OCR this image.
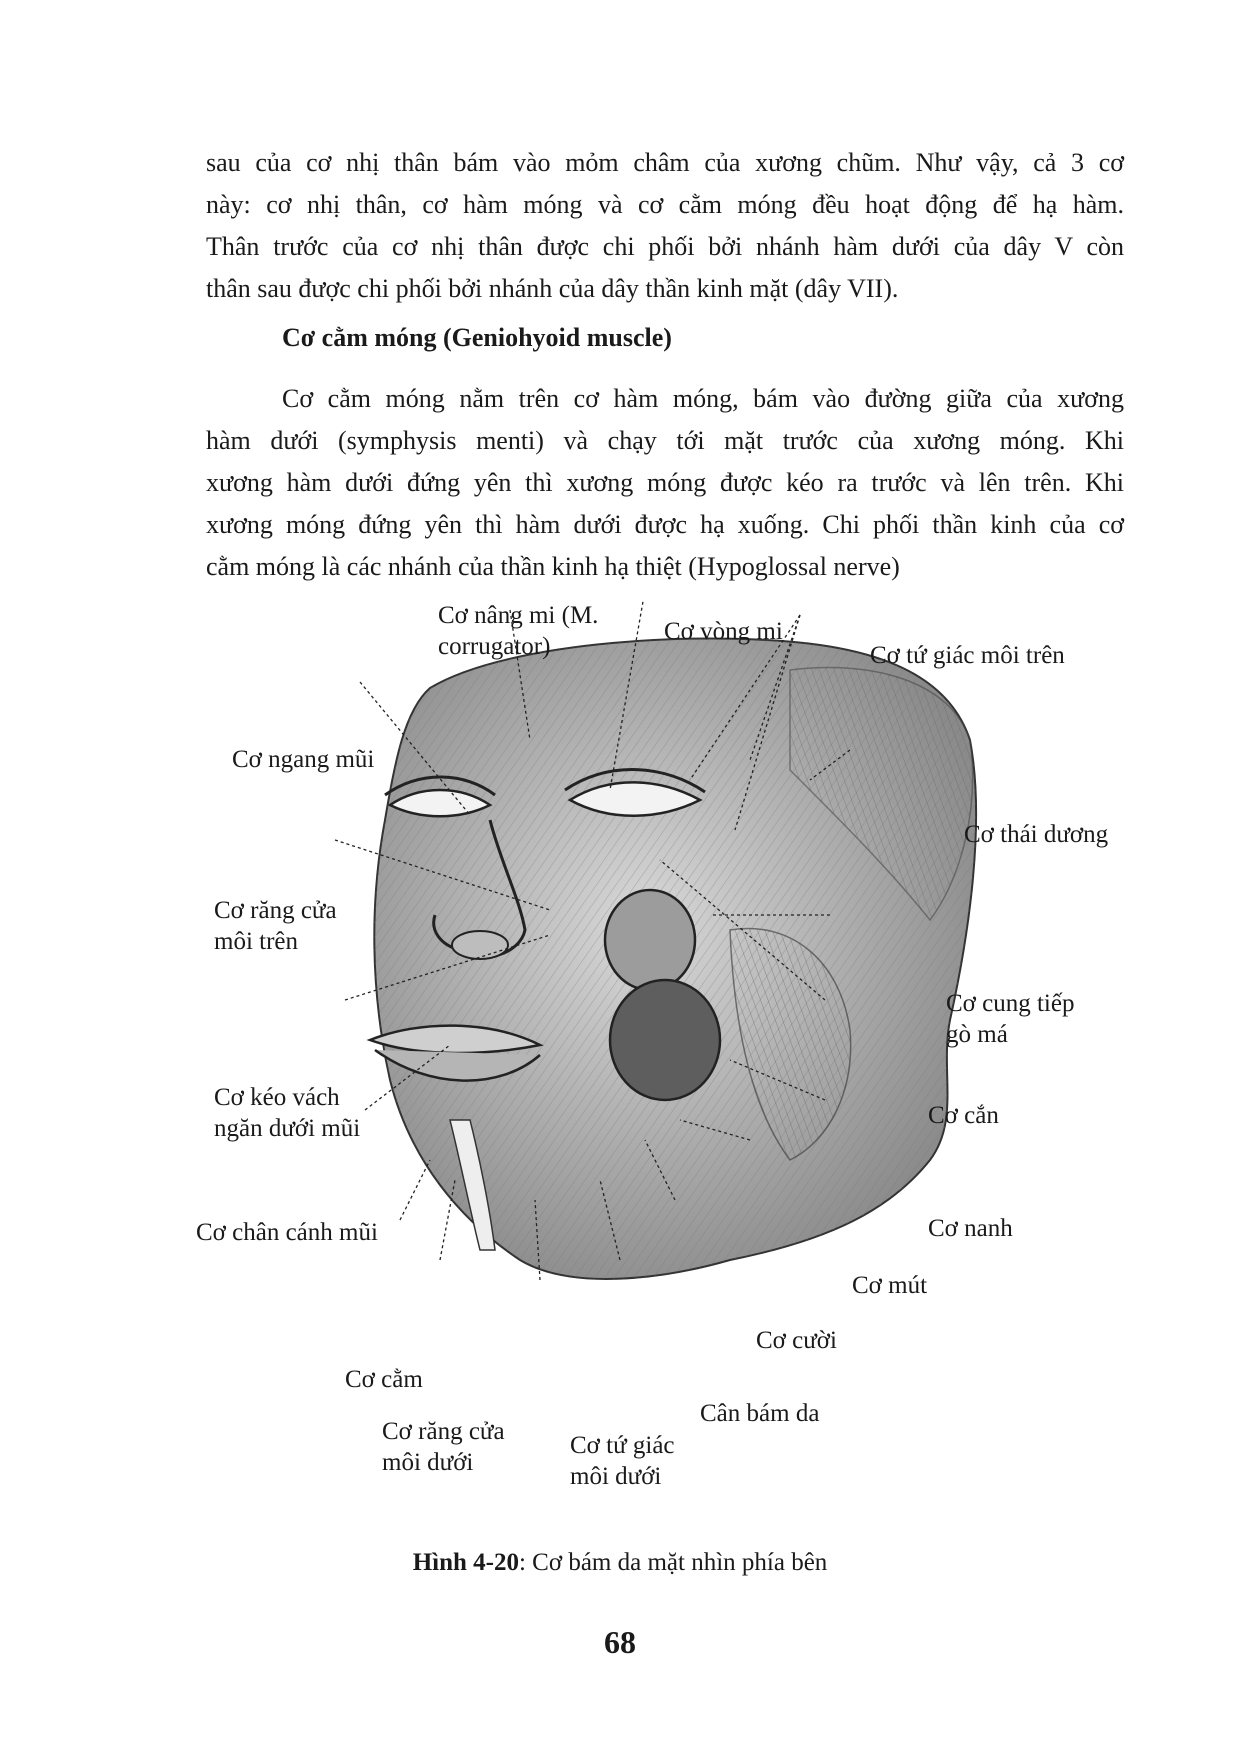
sau của cơ nhị thân bám vào mỏm châm của xương chũm. Như vậy, cả 3 cơ
này: cơ nhị thân, cơ hàm móng và cơ cằm móng đều hoạt động để hạ hàm.
Thân trước của cơ nhị thân được chi phối bởi nhánh hàm dưới của dây V còn
thân sau được chi phối bởi nhánh của dây thần kinh mặt (dây VII).
Cơ cằm móng (Geniohyoid muscle)
Cơ cằm móng nằm trên cơ hàm móng, bám vào đường giữa của xương
hàm dưới (symphysis menti) và chạy tới mặt trước của xương móng. Khi
xương hàm dưới đứng yên thì xương móng được kéo ra trước và lên trên. Khi
xương móng đứng yên thì hàm dưới được hạ xuống. Chi phối thần kinh của cơ
cằm móng là các nhánh của thần kinh hạ thiệt (Hypoglossal nerve)
Cơ nâng mi (M.
corrugator)
Cơ vòng mi
Cơ tứ giác môi trên
Cơ ngang mũi
Cơ thái dương
Cơ răng cửa
môi trên
Cơ cung tiếp
gò má
Cơ kéo vách
ngăn dưới mũi	Cơ cắn
Cơ chân cánh mũi	Cơ nanh
Cơ mút
Cơ cười
Cơ cằm
Cân bám da
Cơ răng cửa
môi dưới
Cơ tứ giác
môi dưới
Hình 4-20: Cơ bám da mặt nhìn phía bên
68
